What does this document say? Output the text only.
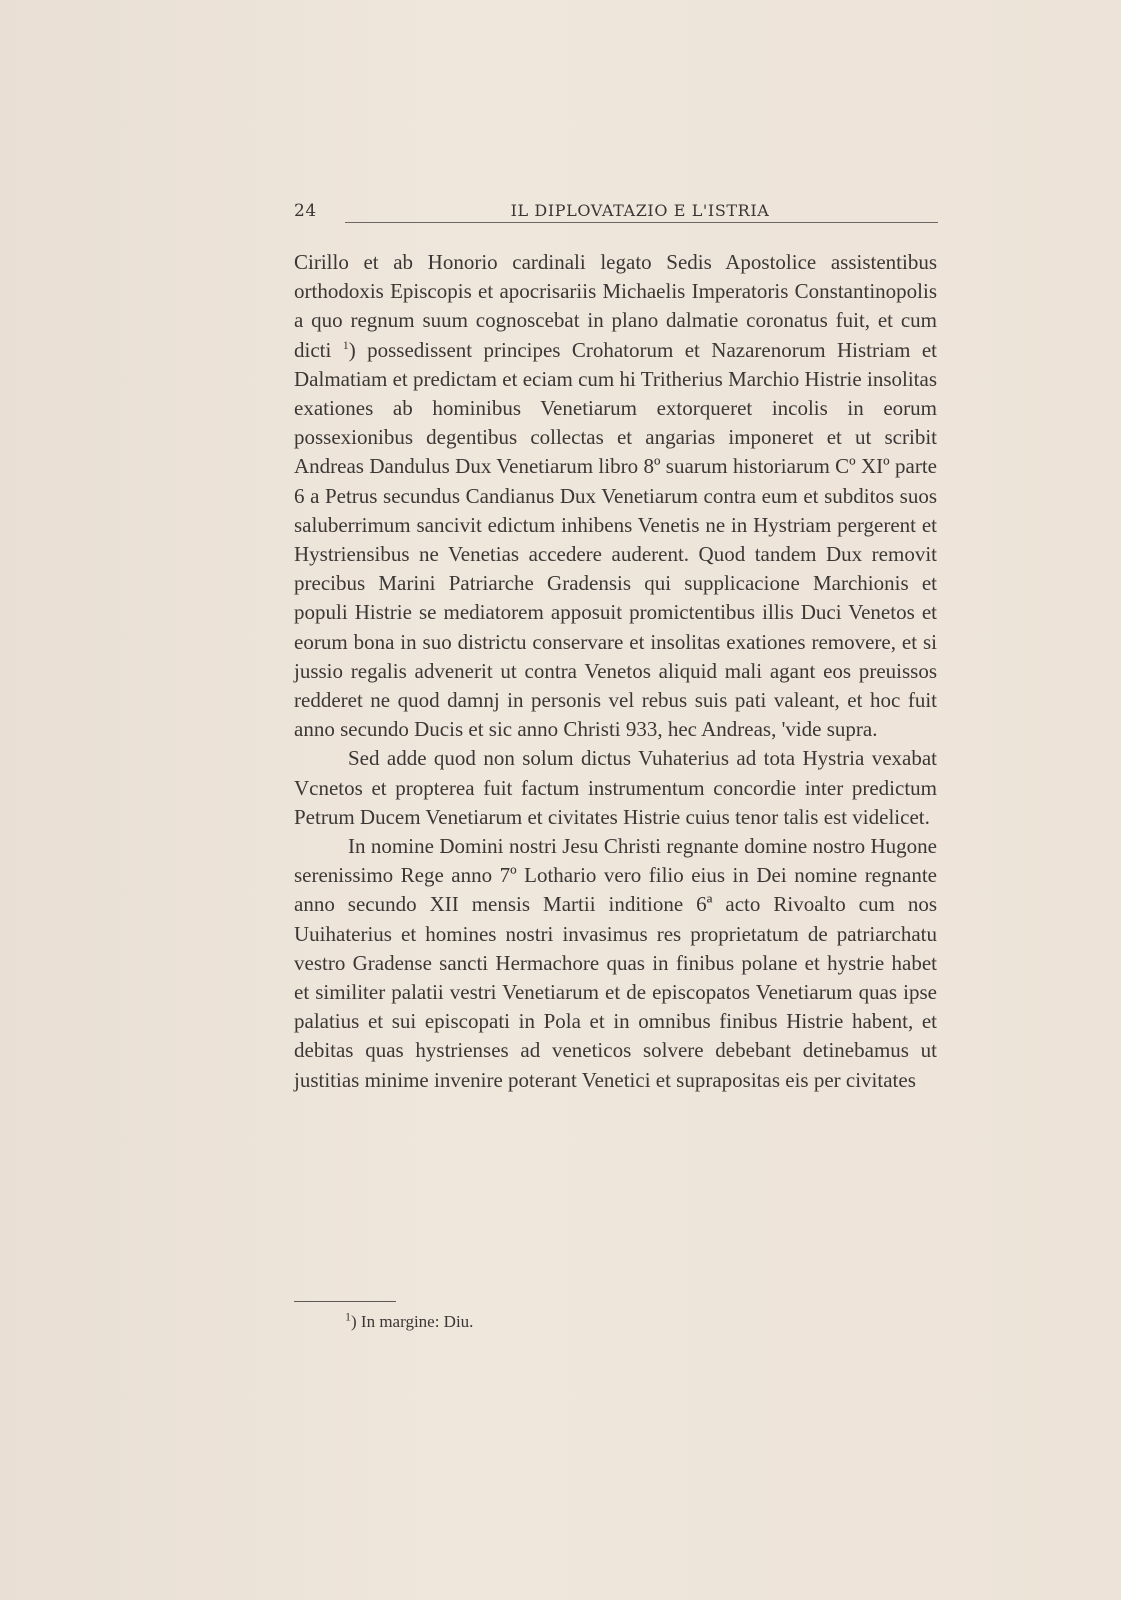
24	IL DIPLOVATAZIO E L'ISTRIA

Cirillo et ab Honorio cardinali legato Sedis Apostolice assistentibus orthodoxis Episcopis et apocrisariis Michaelis Imperatoris Constantinopolis a quo regnum suum cognoscebat in plano dalmatie coronatus fuit, et cum dicti $^1$) possedissent principes Crohatorum et Nazarenorum Histriam et Dalmatiam et predictam et eciam cum hi Tritherius Marchio Histrie insolitas exationes ab hominibus Venetiarum extorqueret incolis in eorum possexionibus degentibus collectas et angarias imponeret et ut scribit Andreas Dandulus Dux Venetiarum libro 8º suarum historiarum Cº XIº parte 6 a Petrus secundus Candianus Dux Venetiarum contra eum et subditos suos saluberrimum sancivit edictum inhibens Venetis ne in Hystriam pergerent et Hystriensibus ne Venetias accedere auderent. Quod tandem Dux removit precibus Marini Patriarche Gradensis qui supplicacione Marchionis et populi Histrie se mediatorem apposuit promictentibus illis Duci Venetos et eorum bona in suo districtu conservare et insolitas exationes removere, et si jussio regalis advenerit ut contra Venetos aliquid mali agant eos preuissos redderet ne quod damnj in personis vel rebus suis pati valeant, et hoc fuit anno secundo Ducis et sic anno Christi 933, hec Andreas, 'vide supra.

Sed adde quod non solum dictus Vuhaterius ad tota Hystria vexabat Vcnetos et propterea fuit factum instrumentum concordie inter predictum Petrum Ducem Venetiarum et civitates Histrie cuius tenor talis est videlicet.

In nomine Domini nostri Jesu Christi regnante domine nostro Hugone serenissimo Rege anno 7º Lothario vero filio eius in Dei nomine regnante anno secundo XII mensis Martii inditione 6ª acto Rivoalto cum nos Uuihaterius et homines nostri invasimus res proprietatum de patriarchatu vestro Gradense sancti Hermachore quas in finibus polane et hystrie habet et similiter palatii vestri Venetiarum et de episcopatos Venetiarum quas ipse palatius et sui episcopati in Pola et in omnibus finibus Histrie habent, et debitas quas hystrienses ad veneticos solvere debebant detinebamus ut justitias minime invenire poterant Venetici et suprapositas eis per civitates

$^1$) In margine: Diu.
